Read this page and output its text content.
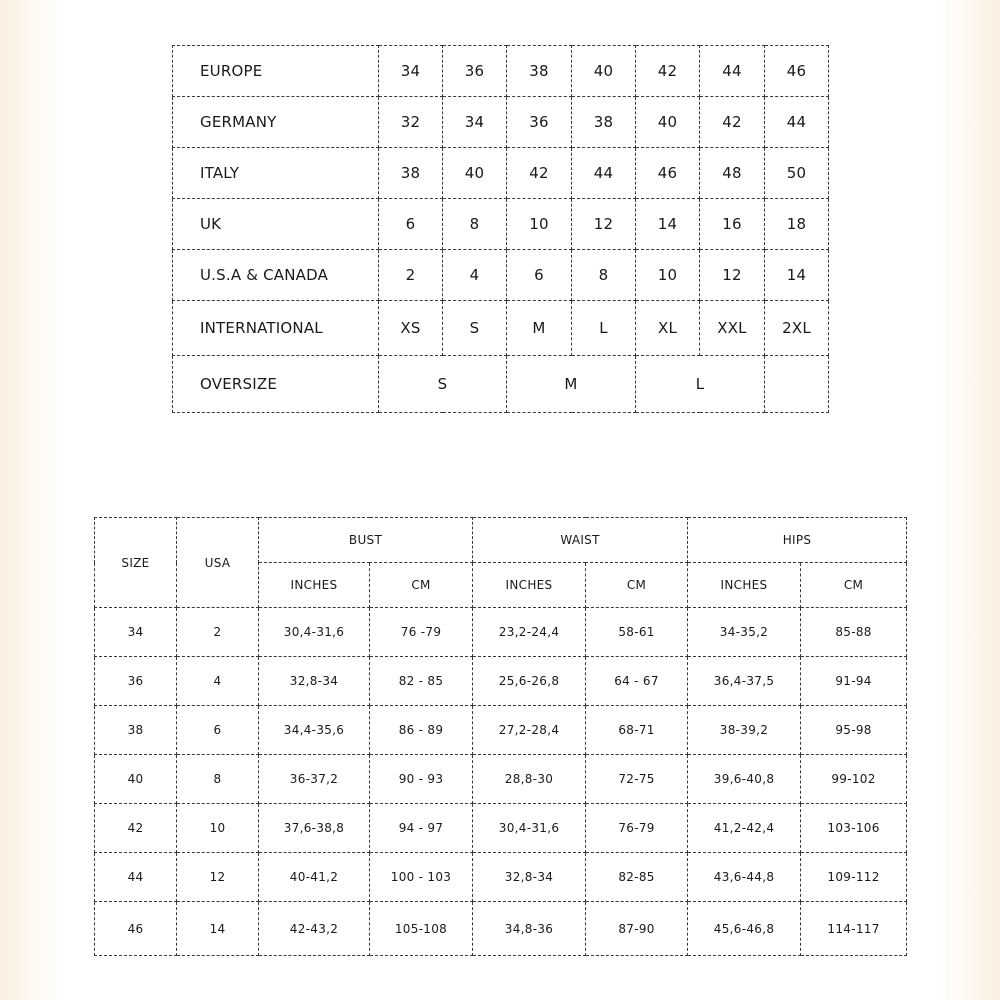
EUROPE	34	36	38	40	42	44	46
GERMANY	32	34	36	38	40	42	44
ITALY	38	40	42	44	46	48	50
UK	6	8	10	12	14	16	18
U.S.A & CANADA	2	4	6	8	10	12	14
INTERNATIONAL	XS	S	M	L	XL	XXL	2XL
OVERSIZE	S		M		L		
SIZE	USA	BUST		WAIST		HIPS	
		INCHES	CM	INCHES	CM	INCHES	CM
34	2	30,4-31,6	76 -79	23,2-24,4	58-61	34-35,2	85-88
36	4	32,8-34	82 - 85	25,6-26,8	64 - 67	36,4-37,5	91-94
38	6	34,4-35,6	86 - 89	27,2-28,4	68-71	38-39,2	95-98
40	8	36-37,2	90 - 93	28,8-30	72-75	39,6-40,8	99-102
42	10	37,6-38,8	94 - 97	30,4-31,6	76-79	41,2-42,4	103-106
44	12	40-41,2	100 - 103	32,8-34	82-85	43,6-44,8	109-112
46	14	42-43,2	105-108	34,8-36	87-90	45,6-46,8	114-117
